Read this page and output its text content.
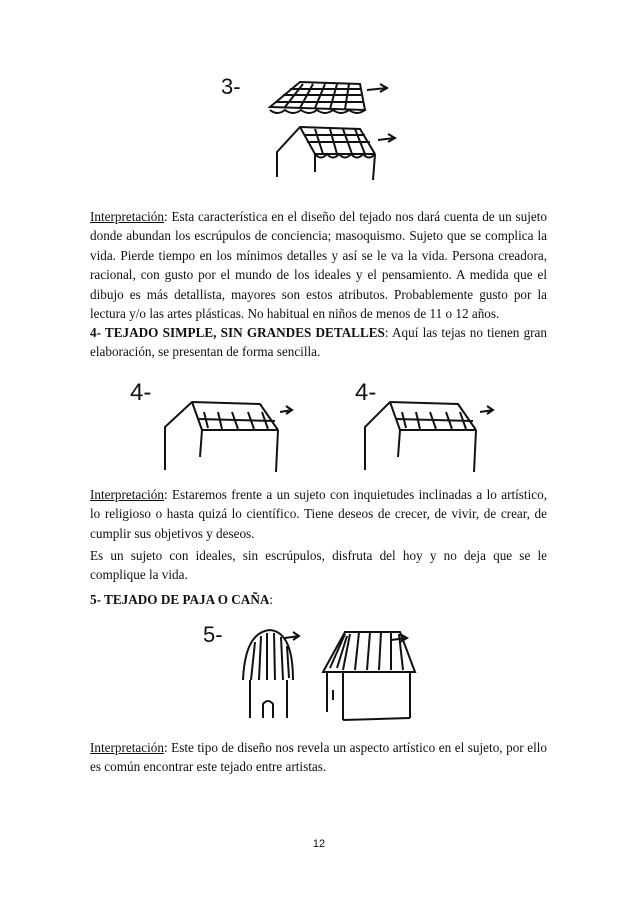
3-

Interpretación: Esta característica en el diseño del tejado nos dará cuenta de un sujeto donde abundan los escrúpulos de conciencia; masoquismo. Sujeto que se complica la vida. Pierde tiempo en los mínimos detalles y así se le va la vida. Persona creadora, racional, con gusto por el mundo de los ideales y el pensamiento. A medida que el dibujo es más detallista, mayores son estos atributos. Probablemente gusto por la lectura y/o las artes plásticas. No habitual en niños de menos de 11 o 12 años.

4- TEJADO SIMPLE, SIN GRANDES DETALLES: Aquí las tejas no tienen gran elaboración, se presentan de forma sencilla.

4-	4-

Interpretación: Estaremos frente a un sujeto con inquietudes inclinadas a lo artístico, lo religioso o hasta quizá lo científico. Tiene deseos de crecer, de vivir, de crear, de cumplir sus objetivos y deseos.

Es un sujeto con ideales, sin escrúpulos, disfruta del hoy y no deja que se le complique la vida.

5- TEJADO DE PAJA O CAÑA:

5-

Interpretación: Este tipo de diseño nos revela un aspecto artístico en el sujeto, por ello es común encontrar este tejado entre artistas.

12
